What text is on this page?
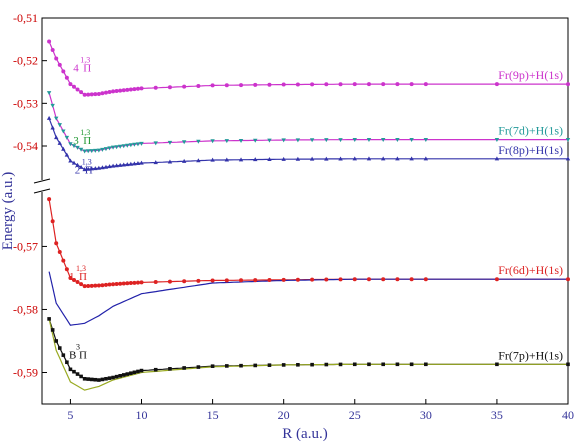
-0,51
-0,52
-0,53
-0,54
-0,57
-0,58
-0,59
5	10	15	20	25	30	35	40
Fr(9p)+H(1s)
Fr(7d)+H(1s)
Fr(8p)+H(1s)
Fr(6d)+H(1s)
Fr(7p)+H(1s)
4
1,3
Π
3
1,3
Π
2
1,3
Π
1
1,3
Π
B
3
Π
R (a.u.)
Energy (a.u.)
